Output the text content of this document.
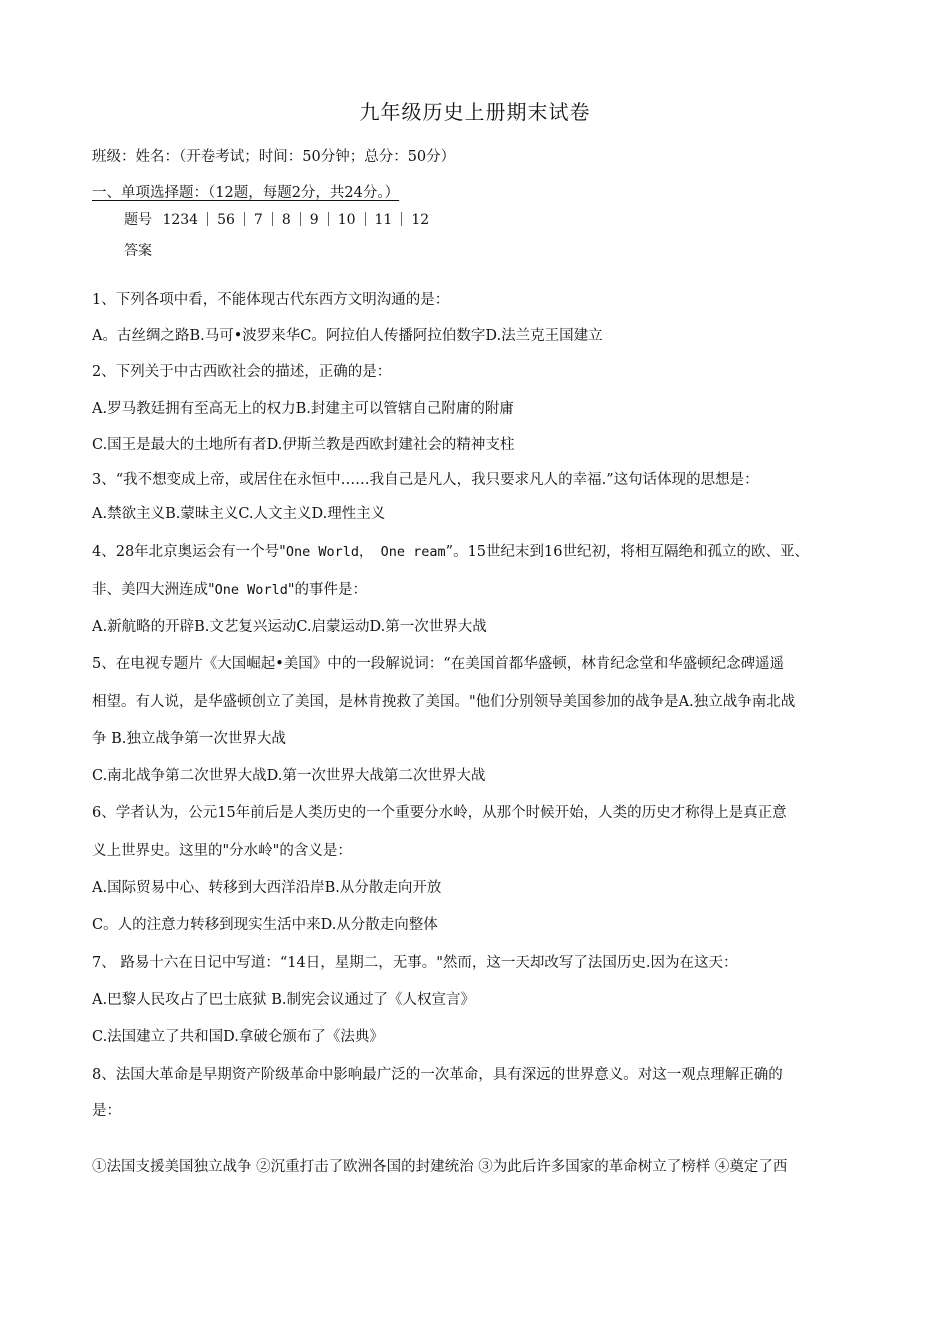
九年级历史上册期末试卷
班级：姓名：（开卷考试；时间：50分钟；总分：50分）
一、单项选择题：（12题，每题2分，共24分。）
题号 1234 56 7 8 9 10 11 12
答案
1、下列各项中看，不能体现古代东西方文明沟通的是：
A。古丝绸之路B.马可•波罗来华C。阿拉伯人传播阿拉伯数字D.法兰克王国建立
2、下列关于中古西欧社会的描述，正确的是：
A.罗马教廷拥有至高无上的权力B.封建主可以管辖自己附庸的附庸
C.国王是最大的土地所有者D.伊斯兰教是西欧封建社会的精神支柱
3、“我不想变成上帝，或居住在永恒中……我自己是凡人，我只要求凡人的幸福.”这句话体现的思想是：
A.禁欲主义B.蒙昧主义C.人文主义D.理性主义
4、28年北京奥运会有一个号"One World， One ream”。15世纪末到16世纪初，将相互隔绝和孤立的欧、亚、
非、美四大洲连成"One World"的事件是：
A.新航略的开辟B.文艺复兴运动C.启蒙运动D.第一次世界大战
5、在电视专题片《大国崛起•美国》中的一段解说词：“在美国首都华盛顿，林肯纪念堂和华盛顿纪念碑遥遥
相望。有人说，是华盛顿创立了美国，是林肯挽救了美国。"他们分别领导美国参加的战争是A.独立战争南北战
争 B.独立战争第一次世界大战
C.南北战争第二次世界大战D.第一次世界大战第二次世界大战
6、学者认为，公元15年前后是人类历史的一个重要分水岭，从那个时候开始，人类的历史才称得上是真正意
义上世界史。这里的"分水岭"的含义是：
A.国际贸易中心、转移到大西洋沿岸B.从分散走向开放
C。人的注意力转移到现实生活中来D.从分散走向整体
7、 路易十六在日记中写道：“14日，星期二，无事。"然而，这一天却改写了法国历史.因为在这天：
A.巴黎人民攻占了巴士底狱 B.制宪会议通过了《人权宣言》
C.法国建立了共和国D.拿破仑颁布了《法典》
8、法国大革命是早期资产阶级革命中影响最广泛的一次革命，具有深远的世界意义。对这一观点理解正确的
是：
①法国支援美国独立战争 ②沉重打击了欧洲各国的封建统治 ③为此后许多国家的革命树立了榜样 ④奠定了西
